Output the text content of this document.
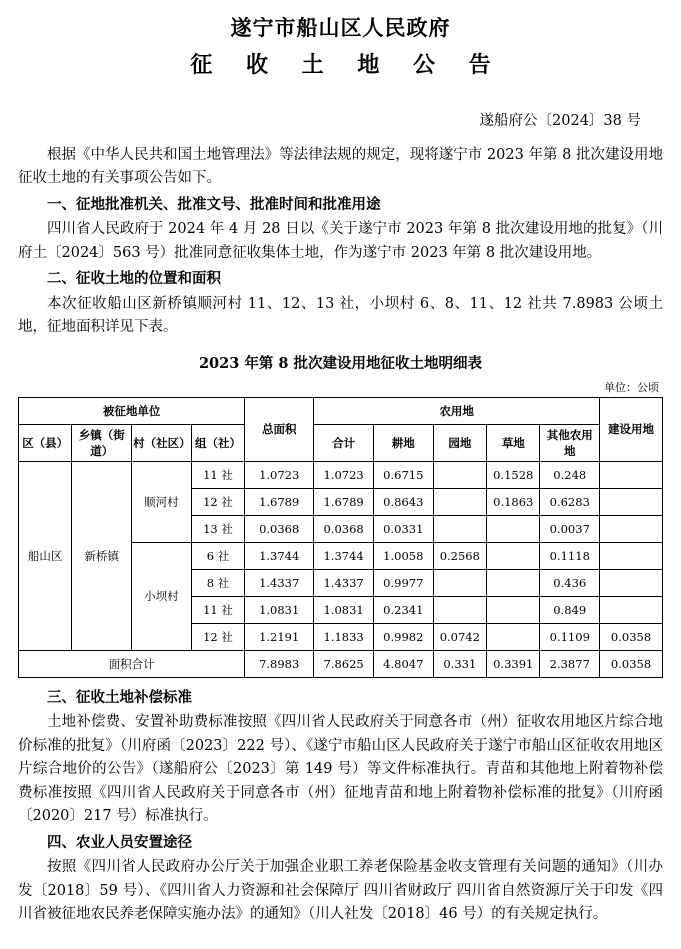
遂宁市船山区人民政府
征 收 土 地 公 告
遂船府公〔2024〕38 号

根据《中华人民共和国土地管理法》等法律法规的规定，现将遂宁市 2023 年第 8 批次建设用地征收土地的有关事项公告如下。

一、征地批准机关、批准文号、批准时间和批准用途

四川省人民政府于 2024 年 4 月 28 日以《关于遂宁市 2023 年第 8 批次建设用地的批复》（川府土〔2024〕563 号）批准同意征收集体土地，作为遂宁市 2023 年第 8 批次建设用地。

二、征收土地的位置和面积

本次征收船山区新桥镇顺河村 11、12、13 社，小坝村 6、8、11、12 社共 7.8983 公顷土地，征地面积详见下表。

2023 年第 8 批次建设用地征收土地明细表
单位：公顷
被征地单位				总面积	农用地					建设用地
区（县）	乡镇（街道）	村（社区）	组（社）		合计	耕地	园地	草地	其他农用地	
船山区	新桥镇	顺河村	11 社	1.0723	1.0723	0.6715		0.1528	0.248	
			12 社	1.6789	1.6789	0.8643		0.1863	0.6283	
			13 社	0.0368	0.0368	0.0331			0.0037	
		小坝村	6 社	1.3744	1.3744	1.0058	0.2568		0.1118	
			8 社	1.4337	1.4337	0.9977			0.436	
			11 社	1.0831	1.0831	0.2341			0.849	
			12 社	1.2191	1.1833	0.9982	0.0742		0.1109	0.0358
面积合计				7.8983	7.8625	4.8047	0.331	0.3391	2.3877	0.0358

三、征收土地补偿标准

土地补偿费、安置补助费标准按照《四川省人民政府关于同意各市（州）征收农用地区片综合地价标准的批复》（川府函〔2023〕222 号）、《遂宁市船山区人民政府关于遂宁市船山区征收农用地区片综合地价的公告》（遂船府公〔2023〕第 149 号）等文件标准执行。青苗和其他地上附着物补偿费标准按照《四川省人民政府关于同意各市（州）征地青苗和地上附着物补偿标准的批复》（川府函〔2020〕217 号）标准执行。

四、农业人员安置途径

按照《四川省人民政府办公厅关于加强企业职工养老保险基金收支管理有关问题的通知》（川办发〔2018〕59 号）、《四川省人力资源和社会保障厅 四川省财政厅 四川省自然资源厅关于印发《四川省被征地农民养老保障实施办法》的通知》（川人社发〔2018〕46 号）的有关规定执行。
